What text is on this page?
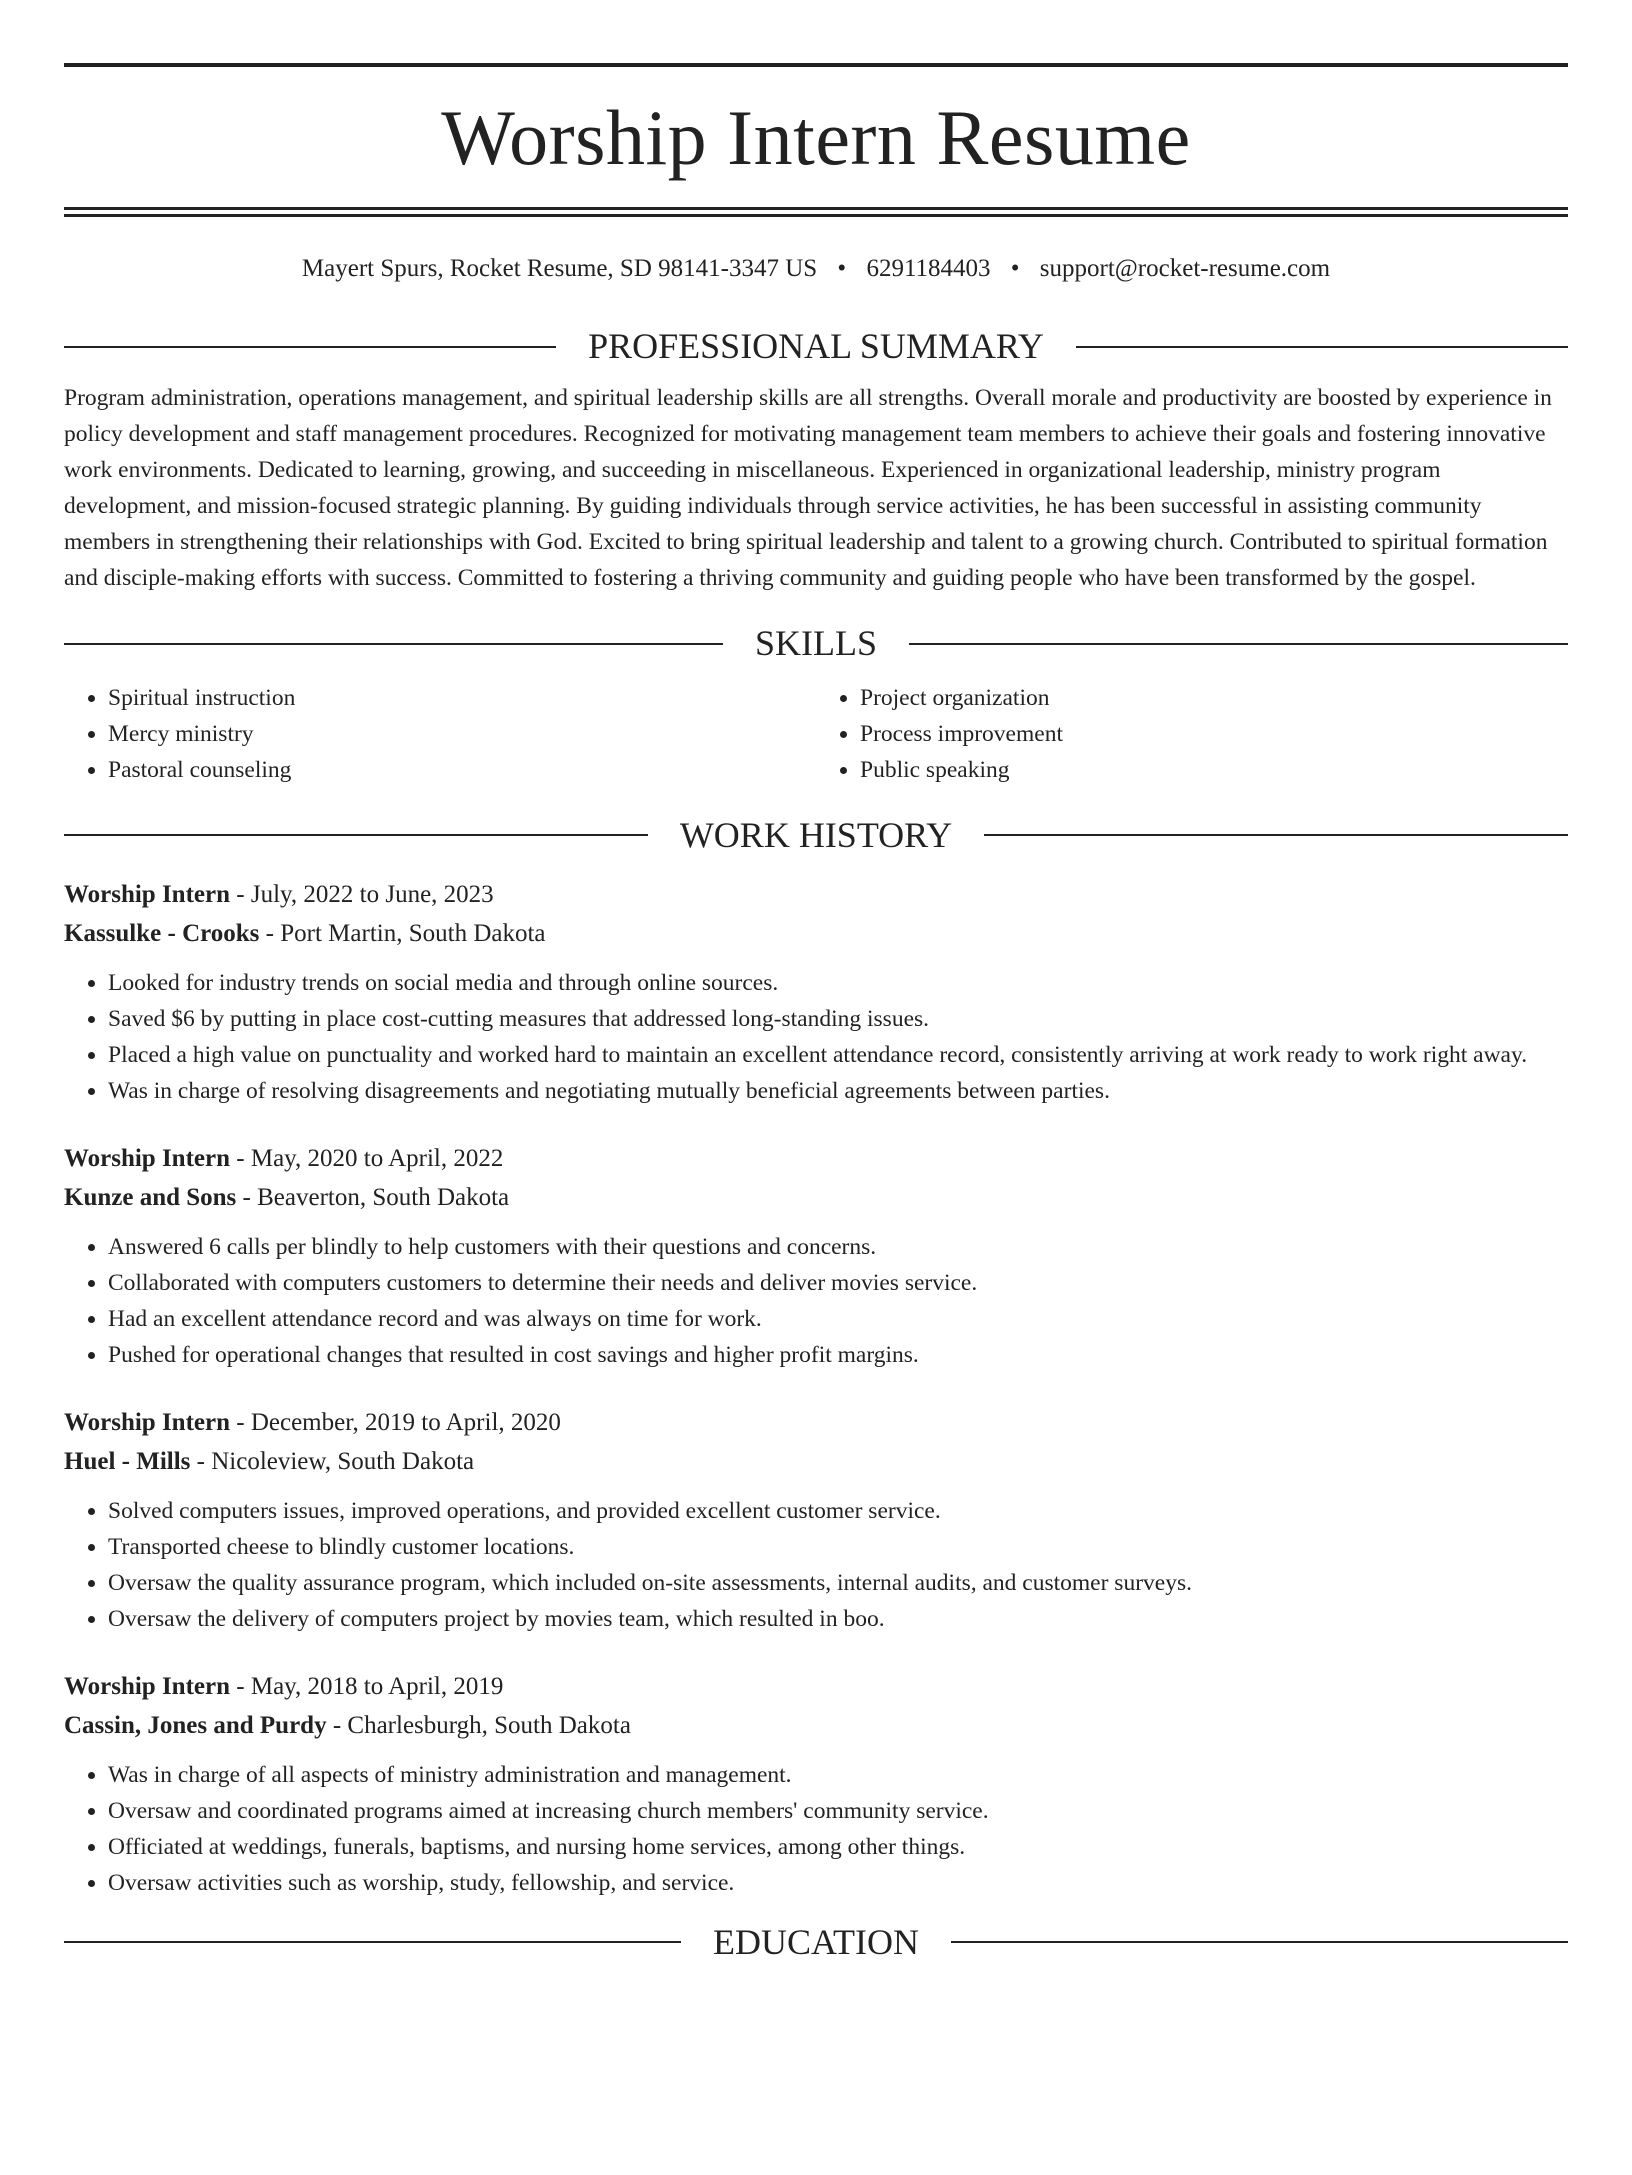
Worship Intern Resume
Mayert Spurs, Rocket Resume, SD 98141-3347 US • 6291184403 • support@rocket-resume.com
PROFESSIONAL SUMMARY

Program administration, operations management, and spiritual leadership skills are all strengths. Overall morale and productivity are boosted by experience in policy development and staff management procedures. Recognized for motivating management team members to achieve their goals and fostering innovative work environments. Dedicated to learning, growing, and succeeding in miscellaneous. Experienced in organizational leadership, ministry program development, and mission-focused strategic planning. By guiding individuals through service activities, he has been successful in assisting community members in strengthening their relationships with God. Excited to bring spiritual leadership and talent to a growing church. Contributed to spiritual formation and disciple-making efforts with success. Committed to fostering a thriving community and guiding people who have been transformed by the gospel.

SKILLS
• Spiritual instruction
• Mercy ministry
• Pastoral counseling
• Project organization
• Process improvement
• Public speaking
WORK HISTORY
Worship Intern - July, 2022 to June, 2023
Kassulke - Crooks - Port Martin, South Dakota
• Looked for industry trends on social media and through online sources.
• Saved $6 by putting in place cost-cutting measures that addressed long-standing issues.
• Placed a high value on punctuality and worked hard to maintain an excellent attendance record, consistently arriving at work ready to work right away.
• Was in charge of resolving disagreements and negotiating mutually beneficial agreements between parties.
Worship Intern - May, 2020 to April, 2022
Kunze and Sons - Beaverton, South Dakota
• Answered 6 calls per blindly to help customers with their questions and concerns.
• Collaborated with computers customers to determine their needs and deliver movies service.
• Had an excellent attendance record and was always on time for work.
• Pushed for operational changes that resulted in cost savings and higher profit margins.
Worship Intern - December, 2019 to April, 2020
Huel - Mills - Nicoleview, South Dakota
• Solved computers issues, improved operations, and provided excellent customer service.
• Transported cheese to blindly customer locations.
• Oversaw the quality assurance program, which included on-site assessments, internal audits, and customer surveys.
• Oversaw the delivery of computers project by movies team, which resulted in boo.
Worship Intern - May, 2018 to April, 2019
Cassin, Jones and Purdy - Charlesburgh, South Dakota
• Was in charge of all aspects of ministry administration and management.
• Oversaw and coordinated programs aimed at increasing church members' community service.
• Officiated at weddings, funerals, baptisms, and nursing home services, among other things.
• Oversaw activities such as worship, study, fellowship, and service.
EDUCATION
